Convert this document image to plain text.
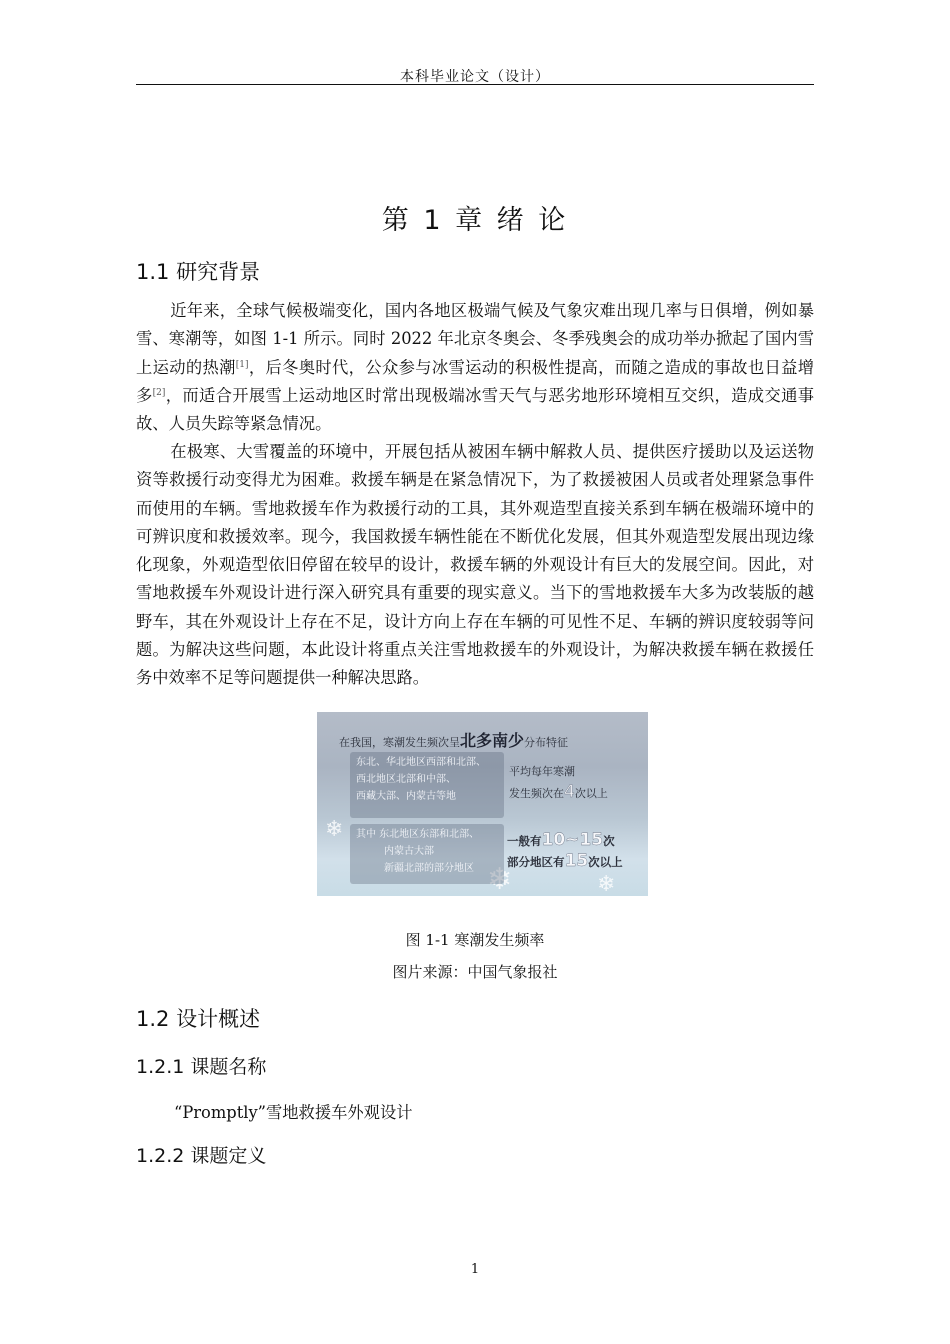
本科毕业论文（设计）
第 1 章 绪 论
1.1 研究背景

近年来，全球气候极端变化，国内各地区极端气候及气象灾难出现几率与日俱增，例如暴雪、寒潮等，如图 1-1 所示。同时 2022 年北京冬奥会、冬季残奥会的成功举办掀起了国内雪上运动的热潮[1]，后冬奥时代，公众参与冰雪运动的积极性提高，而随之造成的事故也日益增多[2]，而适合开展雪上运动地区时常出现极端冰雪天气与恶劣地形环境相互交织，造成交通事故、人员失踪等紧急情况。

在极寒、大雪覆盖的环境中，开展包括从被困车辆中解救人员、提供医疗援助以及运送物资等救援行动变得尤为困难。救援车辆是在紧急情况下，为了救援被困人员或者处理紧急事件而使用的车辆。雪地救援车作为救援行动的工具，其外观造型直接关系到车辆在极端环境中的可辨识度和救援效率。现今，我国救援车辆性能在不断优化发展，但其外观造型发展出现边缘化现象，外观造型依旧停留在较早的设计，救援车辆的外观设计有巨大的发展空间。因此，对雪地救援车外观设计进行深入研究具有重要的现实意义。当下的雪地救援车大多为改装版的越野车，其在外观设计上存在不足，设计方向上存在车辆的可见性不足、车辆的辨识度较弱等问题。为解决这些问题，本此设计将重点关注雪地救援车的外观设计，为解决救援车辆在救援任务中效率不足等问题提供一种解决思路。

❄
❄	❄
在我国，寒潮发生频次呈北多南少分布特征
东北、华北地区西部和北部、
西北地区北部和中部、
西藏大部、内蒙古等地
其中 东北地区东部和北部、
内蒙古大部
新疆北部的部分地区
平均每年寒潮
发生频次在4次以上
一般有10~15次
部分地区有15次以上
图 1-1 寒潮发生频率
图片来源：中国气象报社
1.2 设计概述
1.2.1 课题名称
“Promptly”雪地救援车外观设计
1.2.2 课题定义
1
